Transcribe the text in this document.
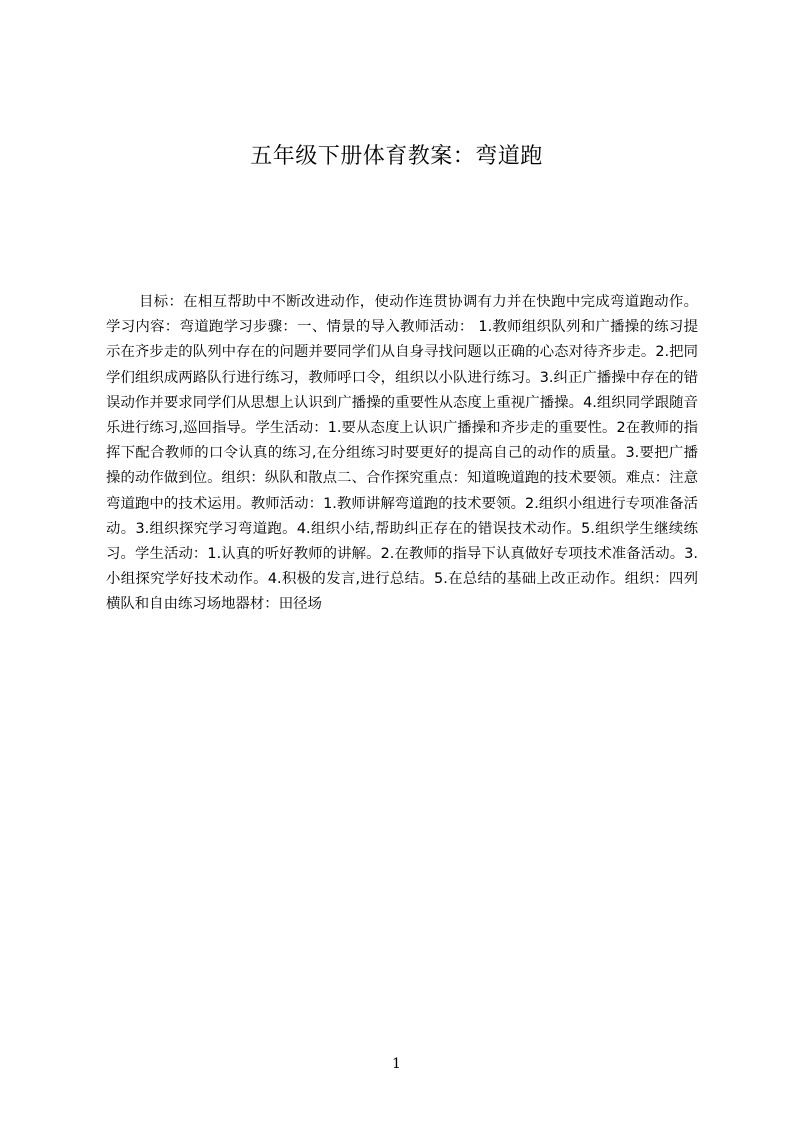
五年级下册体育教案：弯道跑

目标：在相互帮助中不断改进动作，使动作连贯协调有力并在快跑中完成弯道跑动作。学习内容：弯道跑学习步骤：一、情景的导入教师活动： 1.教师组织队列和广播操的练习提示在齐步走的队列中存在的问题并要同学们从自身寻找问题以正确的心态对待齐步走。2.把同学们组织成两路队行进行练习，教师呼口令，组织以小队进行练习。3.纠正广播操中存在的错误动作并要求同学们从思想上认识到广播操的重要性从态度上重视广播操。4.组织同学跟随音乐进行练习,巡回指导。学生活动：1.要从态度上认识广播操和齐步走的重要性。2在教师的指挥下配合教师的口令认真的练习,在分组练习时要更好的提高自己的动作的质量。3.要把广播操的动作做到位。组织：纵队和散点二、合作探究重点：知道晚道跑的技术要领。难点：注意弯道跑中的技术运用。教师活动：1.教师讲解弯道跑的技术要领。2.组织小组进行专项准备活动。3.组织探究学习弯道跑。4.组织小结,帮助纠正存在的错误技术动作。5.组织学生继续练习。学生活动：1.认真的听好教师的讲解。2.在教师的指导下认真做好专项技术准备活动。3.小组探究学好技术动作。4.积极的发言,进行总结。5.在总结的基础上改正动作。组织：四列横队和自由练习场地器材：田径场

1
